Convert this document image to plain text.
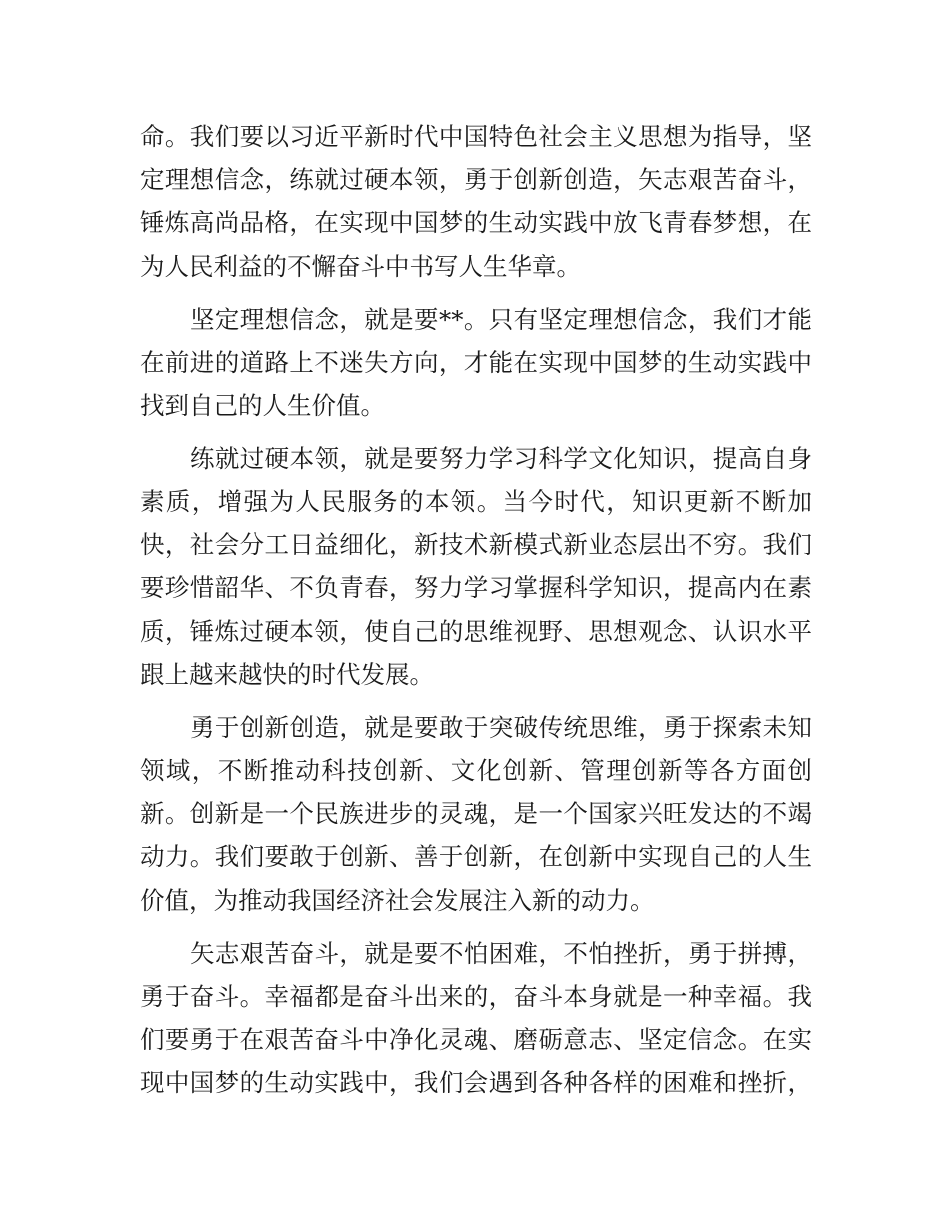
命。我们要以习近平新时代中国特色社会主义思想为指导，坚
定理想信念，练就过硬本领，勇于创新创造，矢志艰苦奋斗，
锤炼高尚品格，在实现中国梦的生动实践中放飞青春梦想，在
为人民利益的不懈奋斗中书写人生华章。
坚定理想信念，就是要**。只有坚定理想信念，我们才能
在前进的道路上不迷失方向，才能在实现中国梦的生动实践中
找到自己的人生价值。
练就过硬本领，就是要努力学习科学文化知识，提高自身
素质，增强为人民服务的本领。当今时代，知识更新不断加
快，社会分工日益细化，新技术新模式新业态层出不穷。我们
要珍惜韶华、不负青春，努力学习掌握科学知识，提高内在素
质，锤炼过硬本领，使自己的思维视野、思想观念、认识水平
跟上越来越快的时代发展。
勇于创新创造，就是要敢于突破传统思维，勇于探索未知
领域，不断推动科技创新、文化创新、管理创新等各方面创
新。创新是一个民族进步的灵魂，是一个国家兴旺发达的不竭
动力。我们要敢于创新、善于创新，在创新中实现自己的人生
价值，为推动我国经济社会发展注入新的动力。
矢志艰苦奋斗，就是要不怕困难，不怕挫折，勇于拼搏，
勇于奋斗。幸福都是奋斗出来的，奋斗本身就是一种幸福。我
们要勇于在艰苦奋斗中净化灵魂、磨砺意志、坚定信念。在实
现中国梦的生动实践中，我们会遇到各种各样的困难和挫折，
